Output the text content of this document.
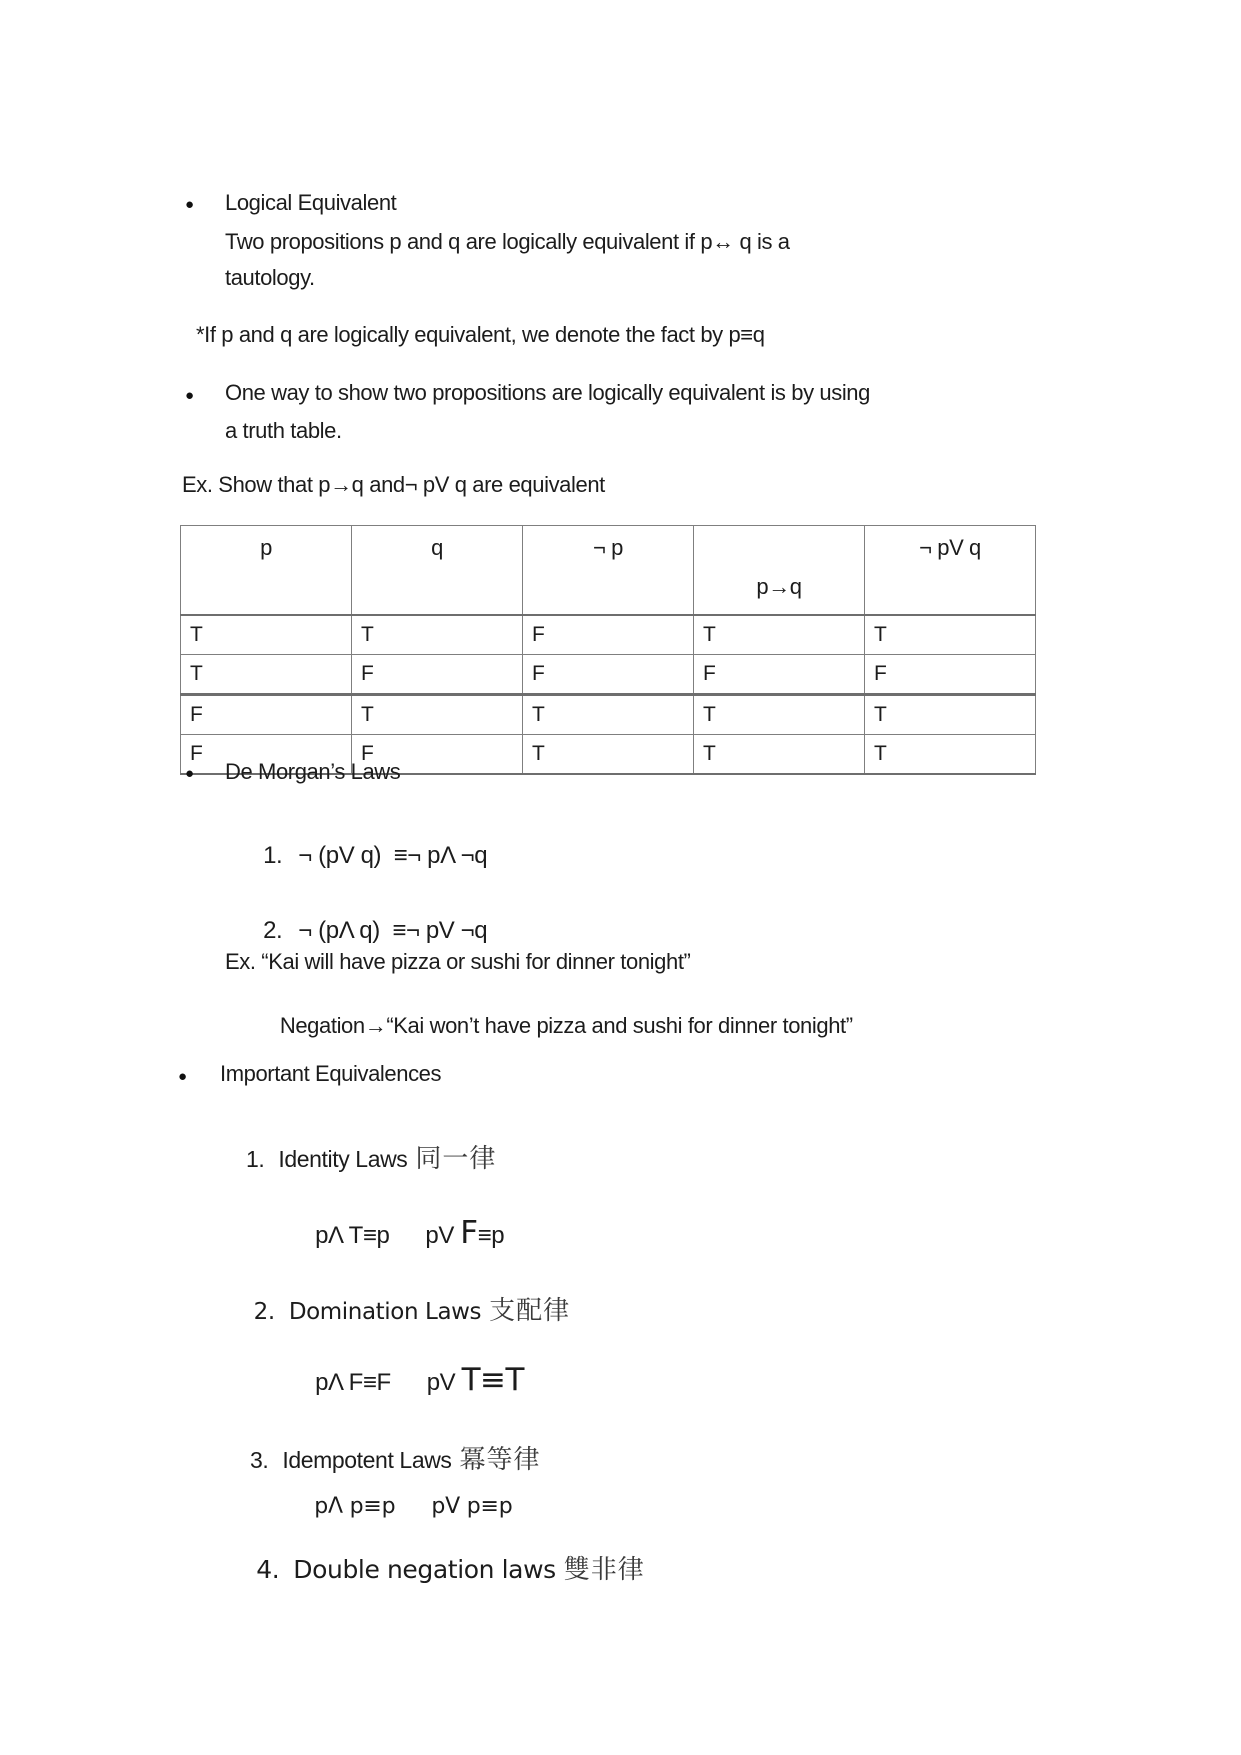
● Logical Equivalent
Two propositions p and q are logically equivalent if p↔ q is a
tautology.
*If p and q are logically equivalent, we denote the fact by p≡q
● One way to show two propositions are logically equivalent is by using
a truth table.
Ex. Show that p→q and¬ pV q are equivalent
p	q	¬ p	p→q	¬ pV q
T	T	F	T	T
T	F	F	F	F
F	T	T	T	T
F	F	T	T	T
● De Morgan’s Laws

1. ¬ (pV q)  ≡¬ pΛ ¬q

2. ¬ (pΛ q)  ≡¬ pV ¬q

Ex. “Kai will have pizza or sushi for dinner tonight”

Negation→“Kai won’t have pizza and sushi for dinner tonight”

● Important Equivalences

1. Identity Laws 同一律

pΛ T≡p pV F≡p

2. Domination Laws 支配律

pΛ F≡F pV T≡T

3. Idempotent Laws 冪等律

pΛ p≡p pV p≡p

4. Double negation laws 雙非律
